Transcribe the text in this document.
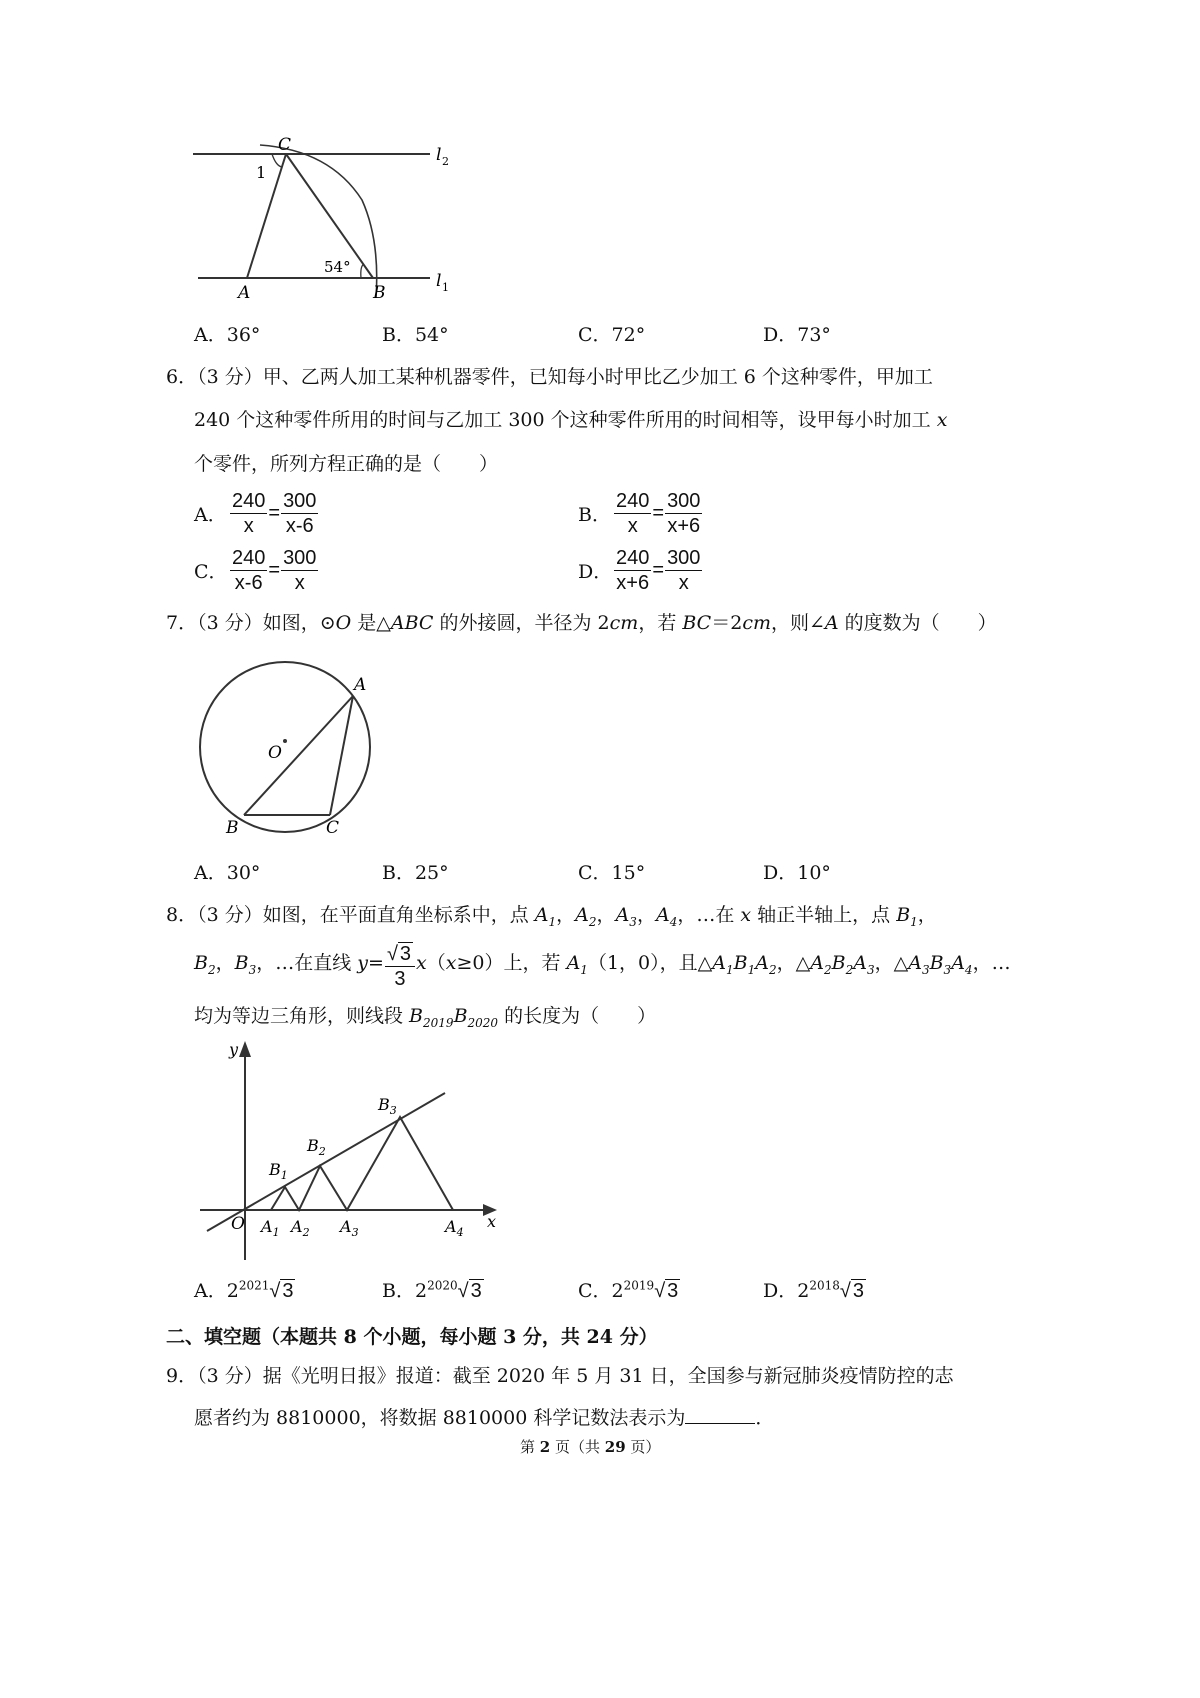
C
1
54°
A	B
l 2
l 1
A．36°	B．54°	C．72°	D．73°
6．（3 分）甲、乙两人加工某种机器零件，已知每小时甲比乙少加工 6 个这种零件，甲加工
240 个这种零件所用的时间与乙加工 300 个这种零件所用的时间相等，设甲每小时加工 x
个零件，所列方程正确的是（　　）
A． $\frac{240}{x} = \frac{300}{x-6}$	B． $\frac{240}{x} = \frac{300}{x+6}$
C． $\frac{240}{x-6} = \frac{300}{x}$	D． $\frac{240}{x+6} = \frac{300}{x}$
7．（3 分）如图，⊙O 是△ABC 的外接圆，半径为 2cm，若 BC＝2cm，则∠A 的度数为（　　）
A
O
B	C
A．30°	B．25°	C．15°	D．10°
8．（3 分）如图，在平面直角坐标系中，点 $A_1$，$A_2$，$A_3$，$A_4$，…在 x 轴正半轴上，点 $B_1$，
$B_2$，$B_3$，…在直线 $y= \frac{√ 3}{3} x(x\ge 0)$上，若 $A_1(1$，0），且$\triangle A_1B_1A_2$，$\triangle A_2B_2A_3$，$\triangle A_3B_3A_4$，…
均为等边三角形，则线段 $B_{2019}B_{2020}$ 的长度为（　　）
y
x
O $A_1$ $A_2$ $A_3$	$A_4$
$B_1$
$B_2$
$B_3$
A．$2^{2021}√$ 3	B．$2^{2020}√$ 3	C．$2^{2019}√$ 3	D．$2^{2018}√$ 3
二、填空题（本题共 8 个小题，每小题 3 分，共 24 分）
9．（3 分）据《光明日报》报道：截至 2020 年 5 月 31 日，全国参与新冠肺炎疫情防控的志
愿者约为 8810000，将数据 8810000 科学记数法表示为	．
第 2 页（共 29 页）
